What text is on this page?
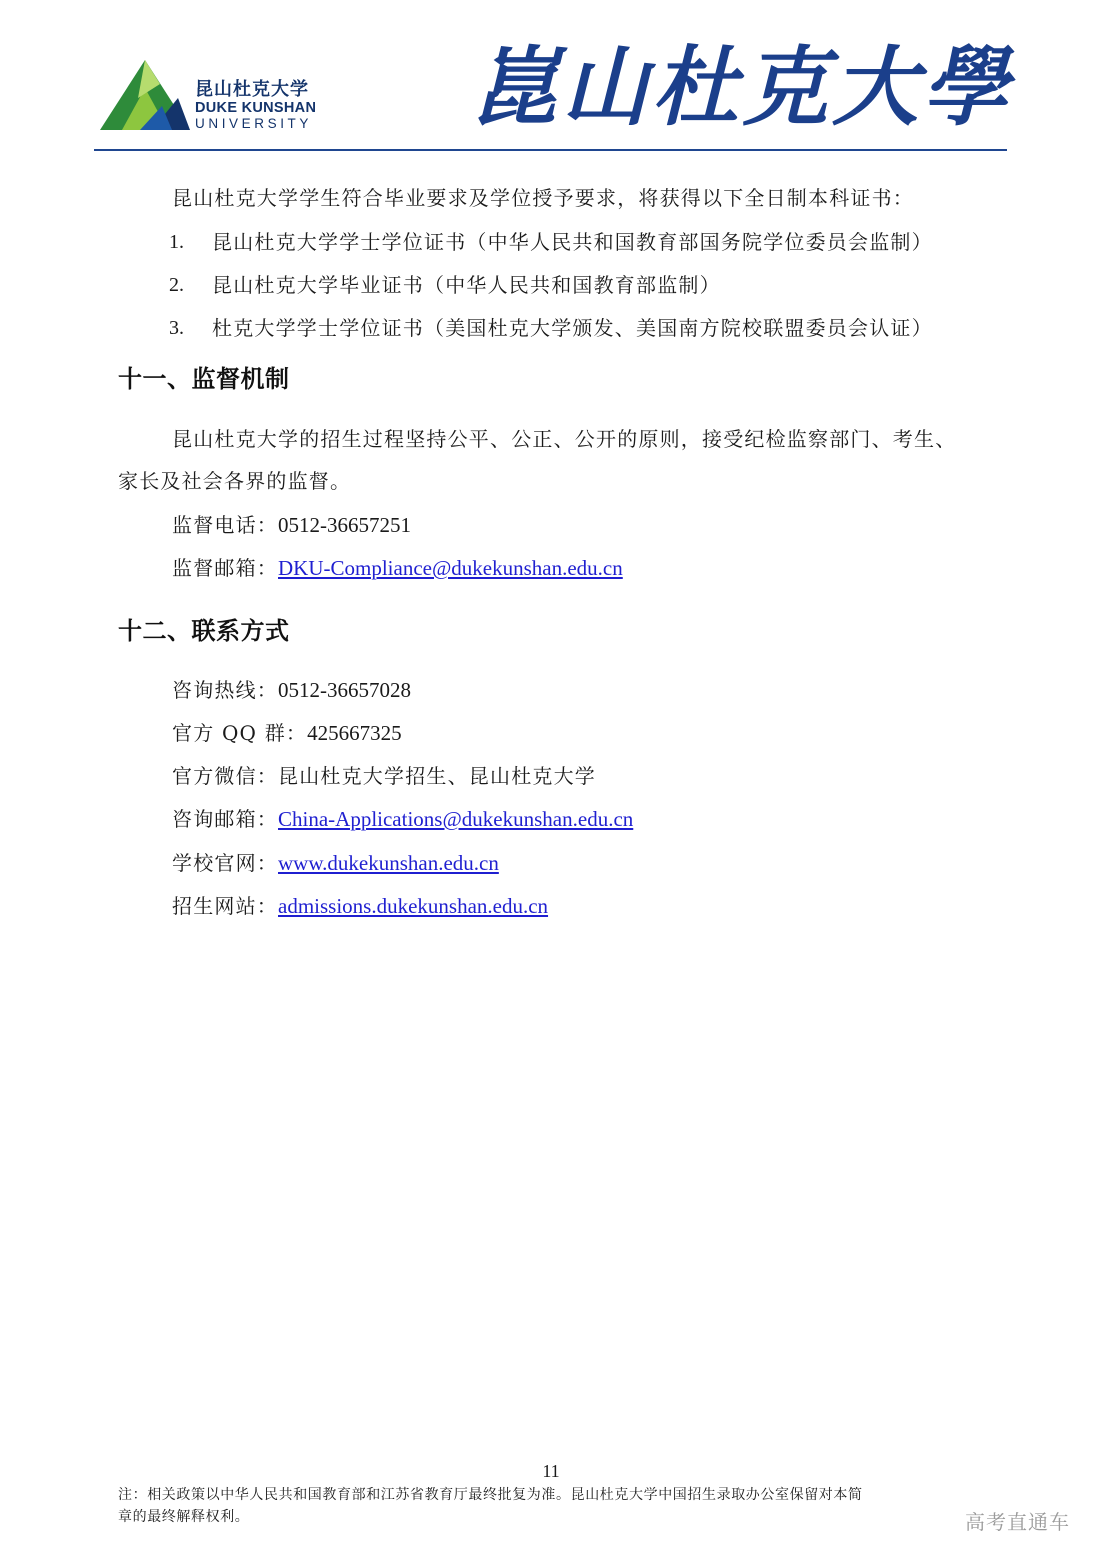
昆山杜克大学
DUKE KUNSHAN
UNIVERSITY 崑山杜克大學
昆山杜克大学学生符合毕业要求及学位授予要求，将获得以下全日制本科证书：
1. 昆山杜克大学学士学位证书（中华人民共和国教育部国务院学位委员会监制）
2. 昆山杜克大学毕业证书（中华人民共和国教育部监制）
3. 杜克大学学士学位证书（美国杜克大学颁发、美国南方院校联盟委员会认证）
十一、监督机制
昆山杜克大学的招生过程坚持公平、公正、公开的原则，接受纪检监察部门、考生、
家长及社会各界的监督。
监督电话：0512-36657251
监督邮箱：DKU-Compliance@dukekunshan.edu.cn
十二、联系方式
咨询热线：0512-36657028
官方 QQ 群：425667325
官方微信：昆山杜克大学招生、昆山杜克大学
咨询邮箱：China-Applications@dukekunshan.edu.cn
学校官网：www.dukekunshan.edu.cn
招生网站：admissions.dukekunshan.edu.cn
11
注：相关政策以中华人民共和国教育部和江苏省教育厅最终批复为准。昆山杜克大学中国招生录取办公室保留对本简
章的最终解释权利。	高考直通车
